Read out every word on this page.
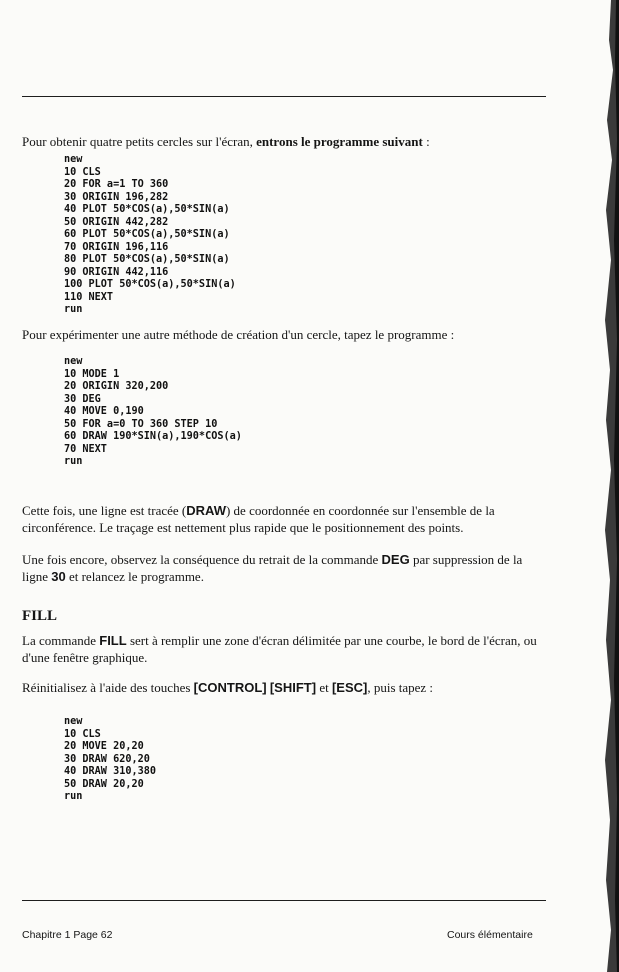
Pour obtenir quatre petits cercles sur l'écran, entrons le programme suivant :

new
10 CLS
20 FOR a=1 TO 360
30 ORIGIN 196,282
40 PLOT 50*COS(a),50*SIN(a)
50 ORIGIN 442,282
60 PLOT 50*COS(a),50*SIN(a)
70 ORIGIN 196,116
80 PLOT 50*COS(a),50*SIN(a)
90 ORIGIN 442,116
100 PLOT 50*COS(a),50*SIN(a)
110 NEXT
run

Pour expérimenter une autre méthode de création d'un cercle, tapez le programme :

new
10 MODE 1
20 ORIGIN 320,200
30 DEG
40 MOVE 0,190
50 FOR a=0 TO 360 STEP 10
60 DRAW 190*SIN(a),190*COS(a)
70 NEXT
run

Cette fois, une ligne est tracée (DRAW) de coordonnée en coordonnée sur l'ensemble de la circonférence. Le traçage est nettement plus rapide que le positionnement des points.

Une fois encore, observez la conséquence du retrait de la commande DEG par suppression de la ligne 30 et relancez le programme.

FILL

La commande FILL sert à remplir une zone d'écran délimitée par une courbe, le bord de l'écran, ou d'une fenêtre graphique.

Réinitialisez à l'aide des touches [CONTROL] [SHIFT] et [ESC], puis tapez :

new
10 CLS
20 MOVE 20,20
30 DRAW 620,20
40 DRAW 310,380
50 DRAW 20,20
run
Chapitre 1 Page 62	Cours élémentaire
